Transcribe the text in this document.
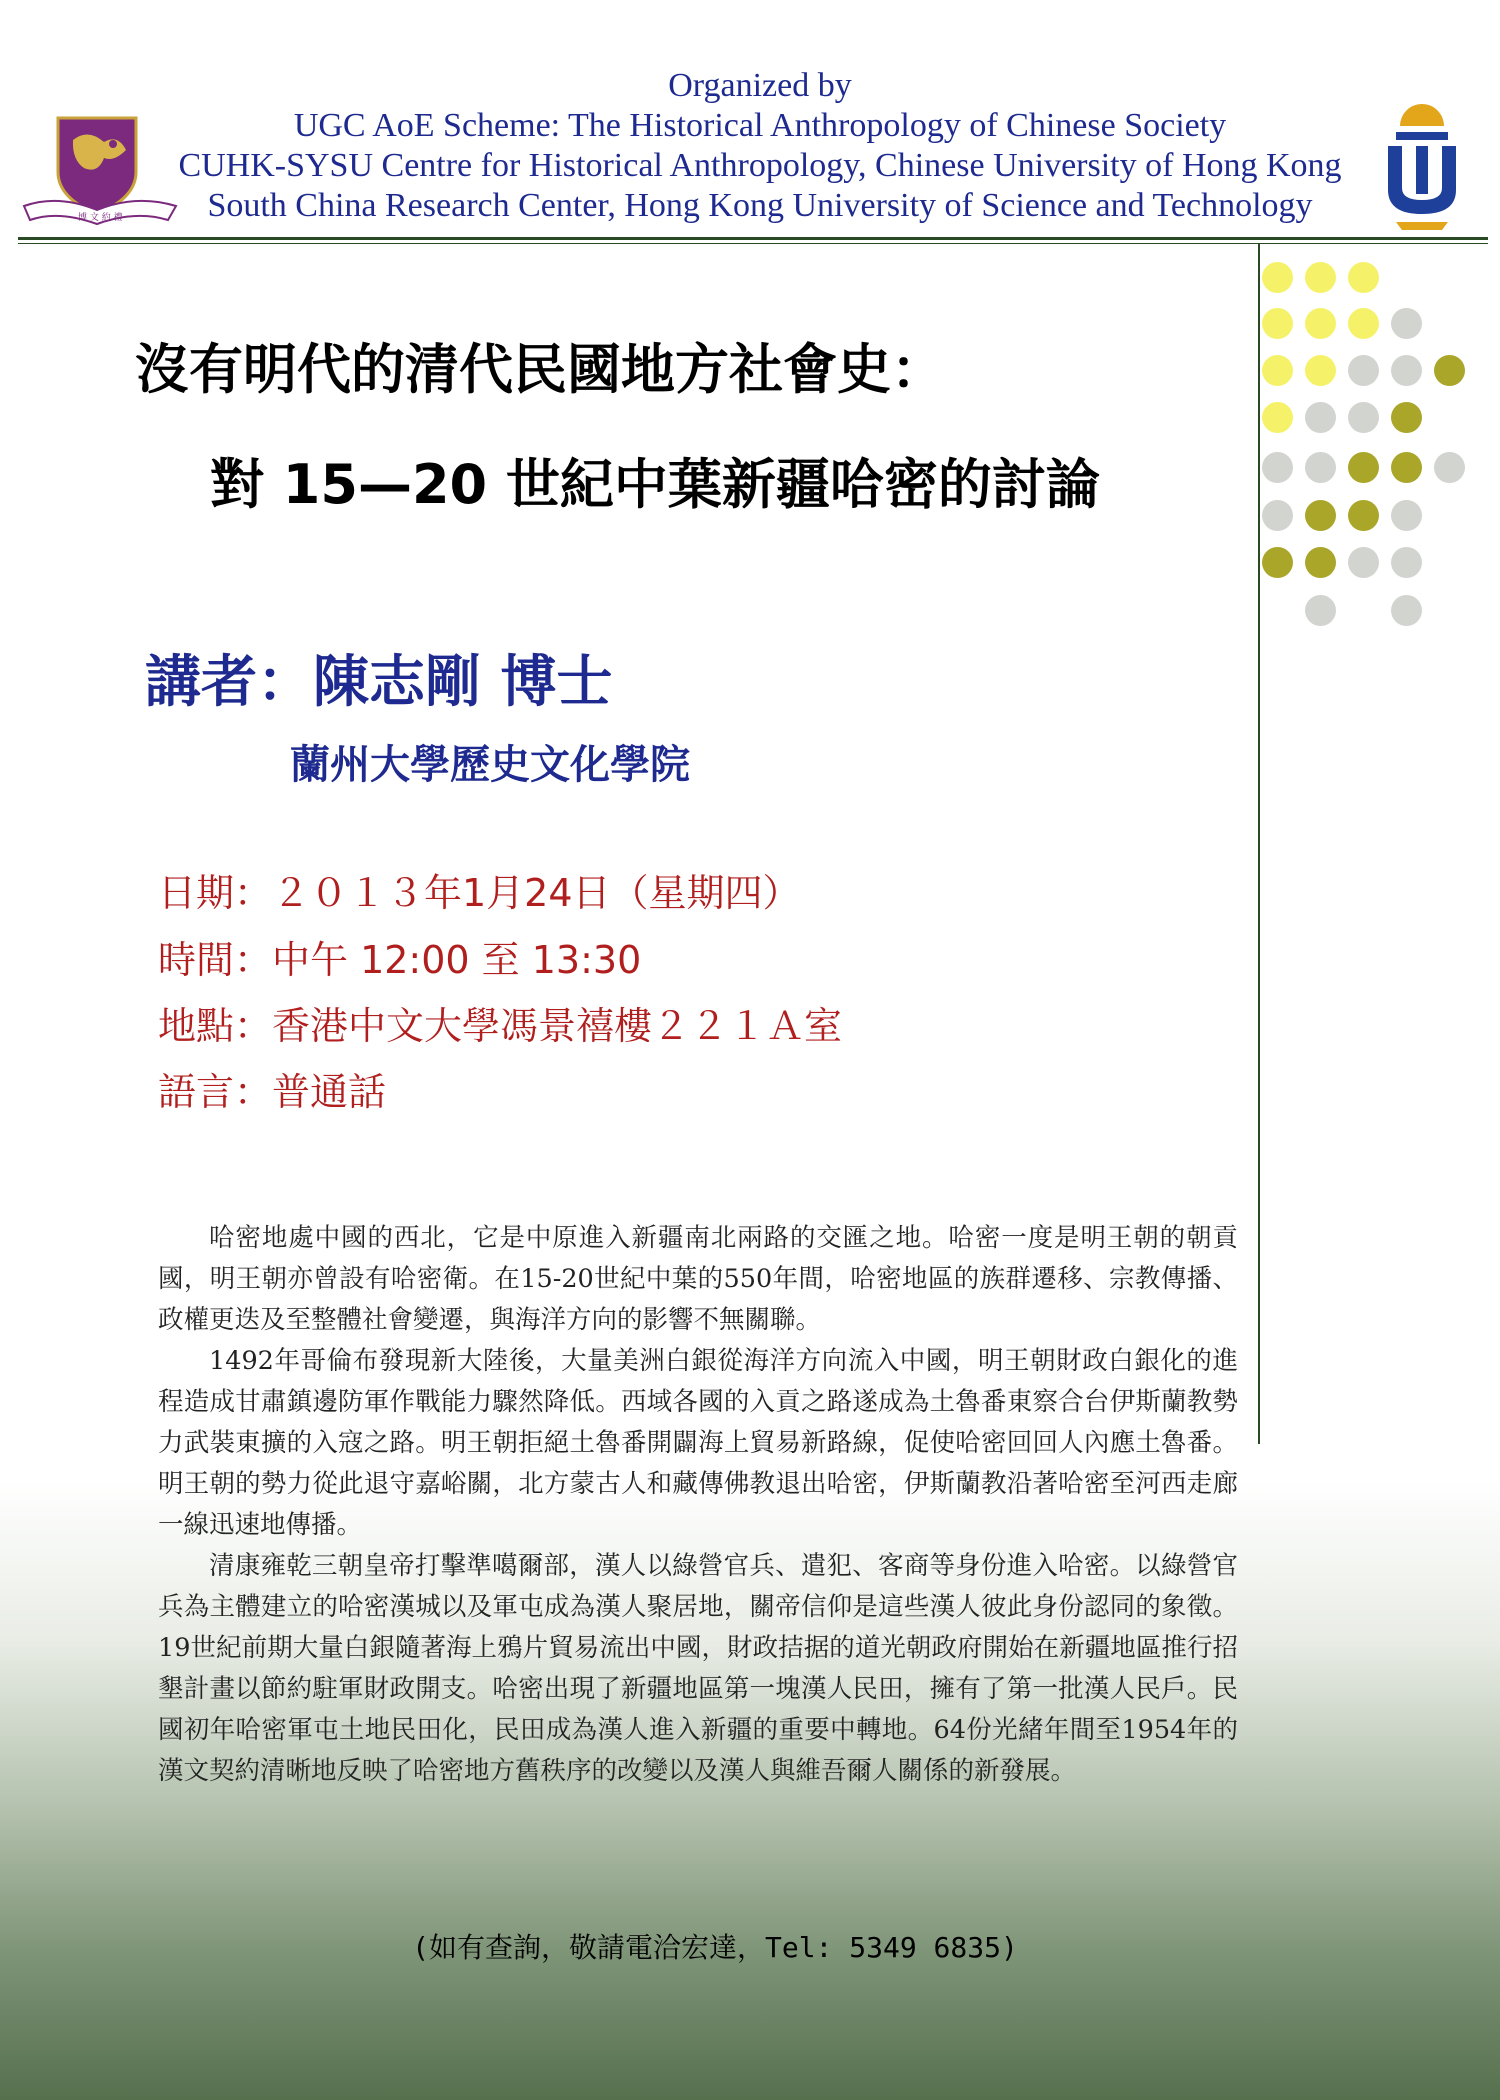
博 文 約 禮
Organized by
UGC AoE Scheme: The Historical Anthropology of Chinese Society
CUHK-SYSU Centre for Historical Anthropology, Chinese University of Hong Kong
South China Research Center, Hong Kong University of Science and Technology
沒有明代的清代民國地方社會史：
對 15—20 世紀中葉新疆哈密的討論
講者：陳志剛 博士
蘭州大學歷史文化學院
日期：２０１３年1月24日（星期四）
時間：中午 12:00 至 13:30
地點：香港中文大學馮景禧樓２２１Ａ室
語言：普通話

哈密地處中國的西北，它是中原進入新疆南北兩路的交匯之地。哈密一度是明王朝的朝貢國，明王朝亦曾設有哈密衛。在15-20世紀中葉的550年間，哈密地區的族群遷移、宗教傳播、政權更迭及至整體社會變遷，與海洋方向的影響不無關聯。

1492年哥倫布發現新大陸後，大量美洲白銀從海洋方向流入中國，明王朝財政白銀化的進程造成甘肅鎮邊防軍作戰能力驟然降低。西域各國的入貢之路遂成為土魯番東察合台伊斯蘭教勢力武裝東擴的入寇之路。明王朝拒絕土魯番開闢海上貿易新路線，促使哈密回回人內應土魯番。明王朝的勢力從此退守嘉峪關，北方蒙古人和藏傳佛教退出哈密，伊斯蘭教沿著哈密至河西走廊一線迅速地傳播。

清康雍乾三朝皇帝打擊準噶爾部，漢人以綠營官兵、遣犯、客商等身份進入哈密。以綠營官兵為主體建立的哈密漢城以及軍屯成為漢人聚居地，關帝信仰是這些漢人彼此身份認同的象徵。19世紀前期大量白銀隨著海上鴉片貿易流出中國，財政拮据的道光朝政府開始在新疆地區推行招墾計畫以節約駐軍財政開支。哈密出現了新疆地區第一塊漢人民田，擁有了第一批漢人民戶。民國初年哈密軍屯土地民田化，民田成為漢人進入新疆的重要中轉地。64份光緒年間至1954年的漢文契約清晰地反映了哈密地方舊秩序的改變以及漢人與維吾爾人關係的新發展。

(如有查詢，敬請電洽宏達，Tel: 5349 6835)
